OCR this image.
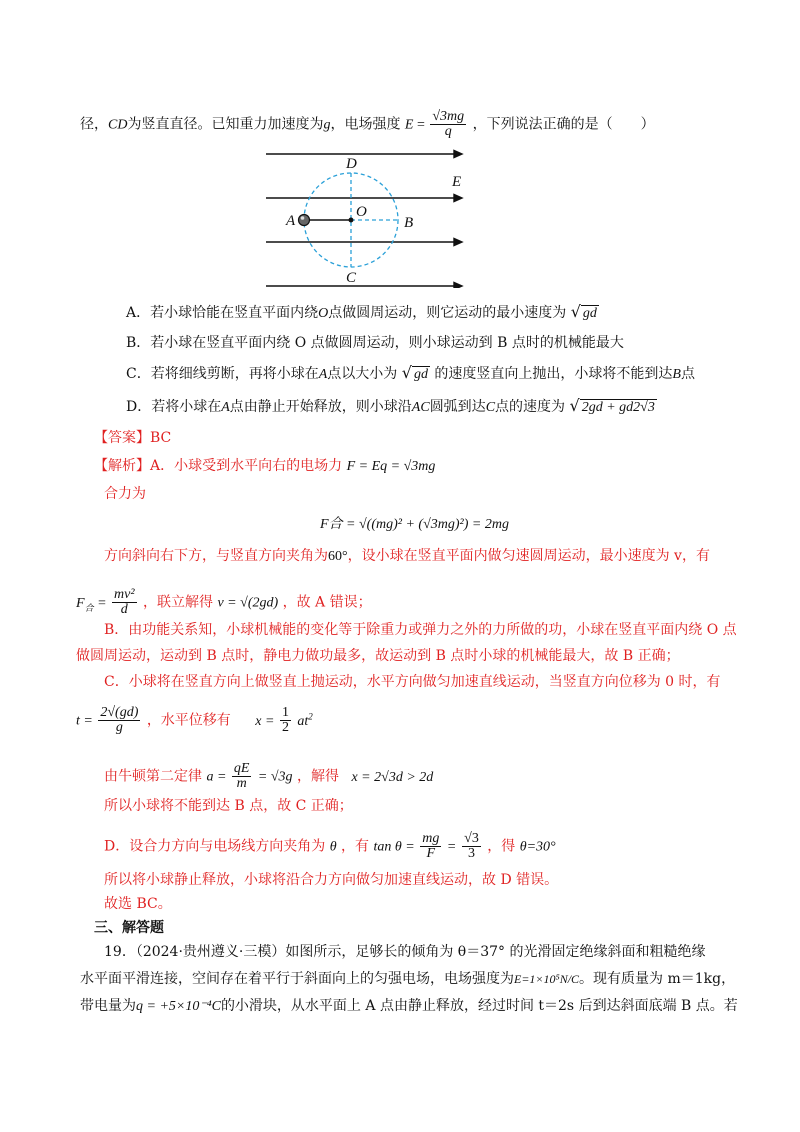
径，CD为竖直直径。已知重力加速度为g，电场强度 $E = \frac{√3mg}{q}$ ，下列说法正确的是（　　）
D
E
A
O
B
C
A．若小球恰能在竖直平面内绕O点做圆周运动，则它运动的最小速度为 √ gd
B．若小球在竖直平面内绕 O 点做圆周运动，则小球运动到 B 点时的机械能最大
C．若将细线剪断，再将小球在A点以大小为 √ gd 的速度竖直向上抛出，小球将不能到达B点
D．若将小球在A点由静止开始释放，则小球沿AC圆弧到达C点的速度为 √ 2gd + gd2√3
【答案】BC
【解析】A．小球受到水平向右的电场力 F = Eq = √3mg
合力为
F合 = √((mg)² + (√3mg)²) = 2mg
方向斜向右下方，与竖直方向夹角为60°，设小球在竖直平面内做匀速圆周运动，最小速度为 v，有
$F_合 = \frac{\text{mv²}}{d}$ ，联立解得 v = √(2gd) ，故 A 错误；
B．由功能关系知，小球机械能的变化等于除重力或弹力之外的力所做的功，小球在竖直平面内绕 O 点
做圆周运动，运动到 B 点时，静电力做功最多，故运动到 B 点时小球的机械能最大，故 B 正确；
C．小球将在竖直方向上做竖直上抛运动，水平方向做匀加速直线运动，当竖直方向位移为 0 时，有
$t = \frac{2√(gd)}{g}$ ，水平位移有 $x = \frac{1}{2} at^2$
由牛顿第二定律 $a = \frac{qE}{m} = √3g$ ，解得 x = 2√3d > 2d
所以小球将不能到达 B 点，故 C 正确；
D．设合力方向与电场线方向夹角为 θ ，有 $\tan \theta = \frac{mg}{F} = \frac{√3}{3}$ ，得 θ=30°
所以将小球静止释放，小球将沿合力方向做匀加速直线运动，故 D 错误。
故选 BC。
三、解答题
19．（2024·贵州遵义·三模）如图所示，足够长的倾角为 θ＝37° 的光滑固定绝缘斜面和粗糙绝缘
水平面平滑连接，空间存在着平行于斜面向上的匀强电场，电场强度为E=1×10⁵N/C。现有质量为 m＝1kg，
带电量为q = +5×10⁻⁴C的小滑块，从水平面上 A 点由静止释放，经过时间 t＝2s 后到达斜面底端 B 点。若
